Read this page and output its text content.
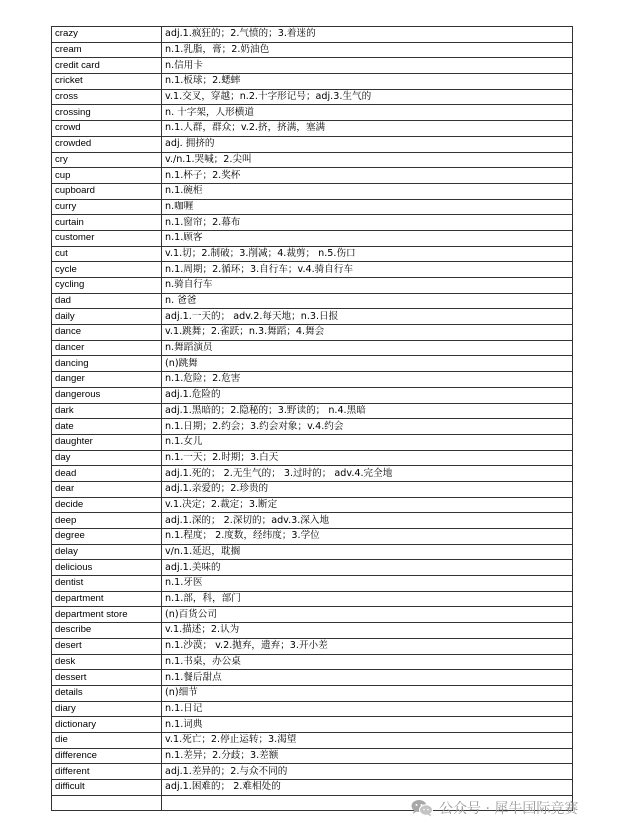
crazy	adj.1.疯狂的；2.气愤的；3.着迷的
cream	n.1.乳脂，膏；2.奶油色
credit card	n.信用卡
cricket	n.1.板球；2.蟋蟀
cross	v.1.交叉，穿越；n.2.十字形记号；adj.3.生气的
crossing	n. 十字架，人形横道
crowd	n.1.人群，群众；v.2.挤，挤满，塞满
crowded	adj. 拥挤的
cry	v./n.1.哭喊；2.尖叫
cup	n.1.杯子；2.奖杯
cupboard	n.1.碗柜
curry	n.咖喱
curtain	n.1.窗帘；2.幕布
customer	n.1.顾客
cut	v.1.切；2.制破；3.削减；4.裁剪； n.5.伤口
cycle	n.1.周期；2.循环；3.自行车；v.4.骑自行车
cycling	n.骑自行车
dad	n. 爸爸
daily	adj.1.一天的； adv.2.每天地；n.3.日报
dance	v.1.跳舞；2.雀跃；n.3.舞蹈；4.舞会
dancer	n.舞蹈演员
dancing	(n)跳舞
danger	n.1.危险；2.危害
dangerous	adj.1.危险的
dark	adj.1.黑暗的；2.隐秘的；3.野读的； n.4.黑暗
date	n.1.日期；2.约会；3.约会对象；v.4.约会
daughter	n.1.女儿
day	n.1.一天；2.时期；3.白天
dead	adj.1.死的； 2.无生气的； 3.过时的； adv.4.完全地
dear	adj.1.亲爱的；2.珍贵的
decide	v.1.决定；2.裁定；3.断定
deep	adj.1.深的； 2.深切的；adv.3.深入地
degree	n.1.程度； 2.度数，经纬度；3.学位
delay	v/n.1.延迟，耽搁
delicious	adj.1.美味的
dentist	n.1.牙医
department	n.1.部，科，部门
department store	(n)百货公司
describe	v.1.描述；2.认为
desert	n.1.沙漠； v.2.抛弃，遗弃；3.开小差
desk	n.1.书桌，办公桌
dessert	n.1.餐后甜点
details	(n)细节
diary	n.1.日记
dictionary	n.1.词典
die	v.1.死亡；2.停止运转；3.渴望
difference	n.1.差异；2.分歧；3.差额
different	adj.1.差异的；2.与众不同的
difficult	adj.1.困难的； 2.难相处的

公众号 · 犀牛国际竞赛
